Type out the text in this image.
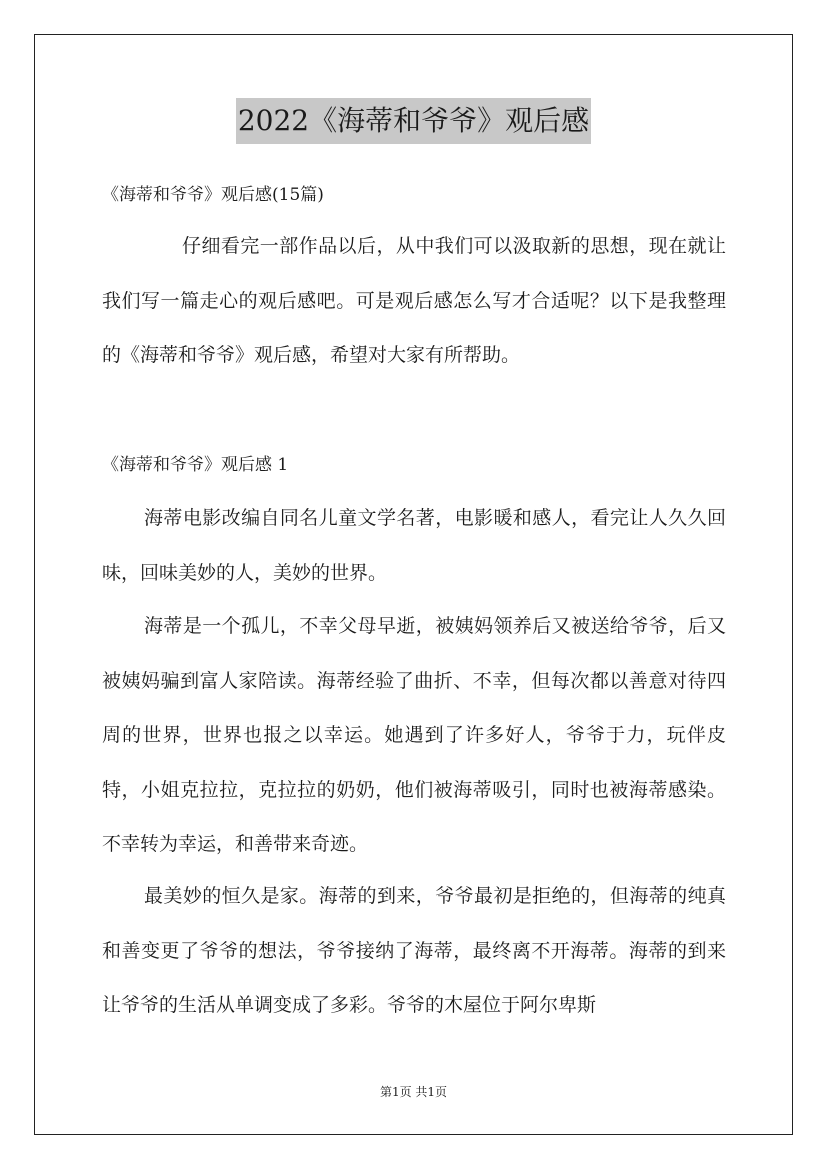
2022《海蒂和爷爷》观后感
《海蒂和爷爷》观后感(15篇)

仔细看完一部作品以后，从中我们可以汲取新的思想，现在就让我们写一篇走心的观后感吧。可是观后感怎么写才合适呢？以下是我整理的《海蒂和爷爷》观后感，希望对大家有所帮助。

《海蒂和爷爷》观后感 1

海蒂电影改编自同名儿童文学名著，电影暖和感人，看完让人久久回味，回味美妙的人，美妙的世界。

海蒂是一个孤儿，不幸父母早逝，被姨妈领养后又被送给爷爷，后又被姨妈骗到富人家陪读。海蒂经验了曲折、不幸，但每次都以善意对待四周的世界，世界也报之以幸运。她遇到了许多好人，爷爷于力，玩伴皮特，小姐克拉拉，克拉拉的奶奶，他们被海蒂吸引，同时也被海蒂感染。不幸转为幸运，和善带来奇迹。

最美妙的恒久是家。海蒂的到来，爷爷最初是拒绝的，但海蒂的纯真和善变更了爷爷的想法，爷爷接纳了海蒂，最终离不开海蒂。海蒂的到来让爷爷的生活从单调变成了多彩。爷爷的木屋位于阿尔卑斯

第1页 共1页
